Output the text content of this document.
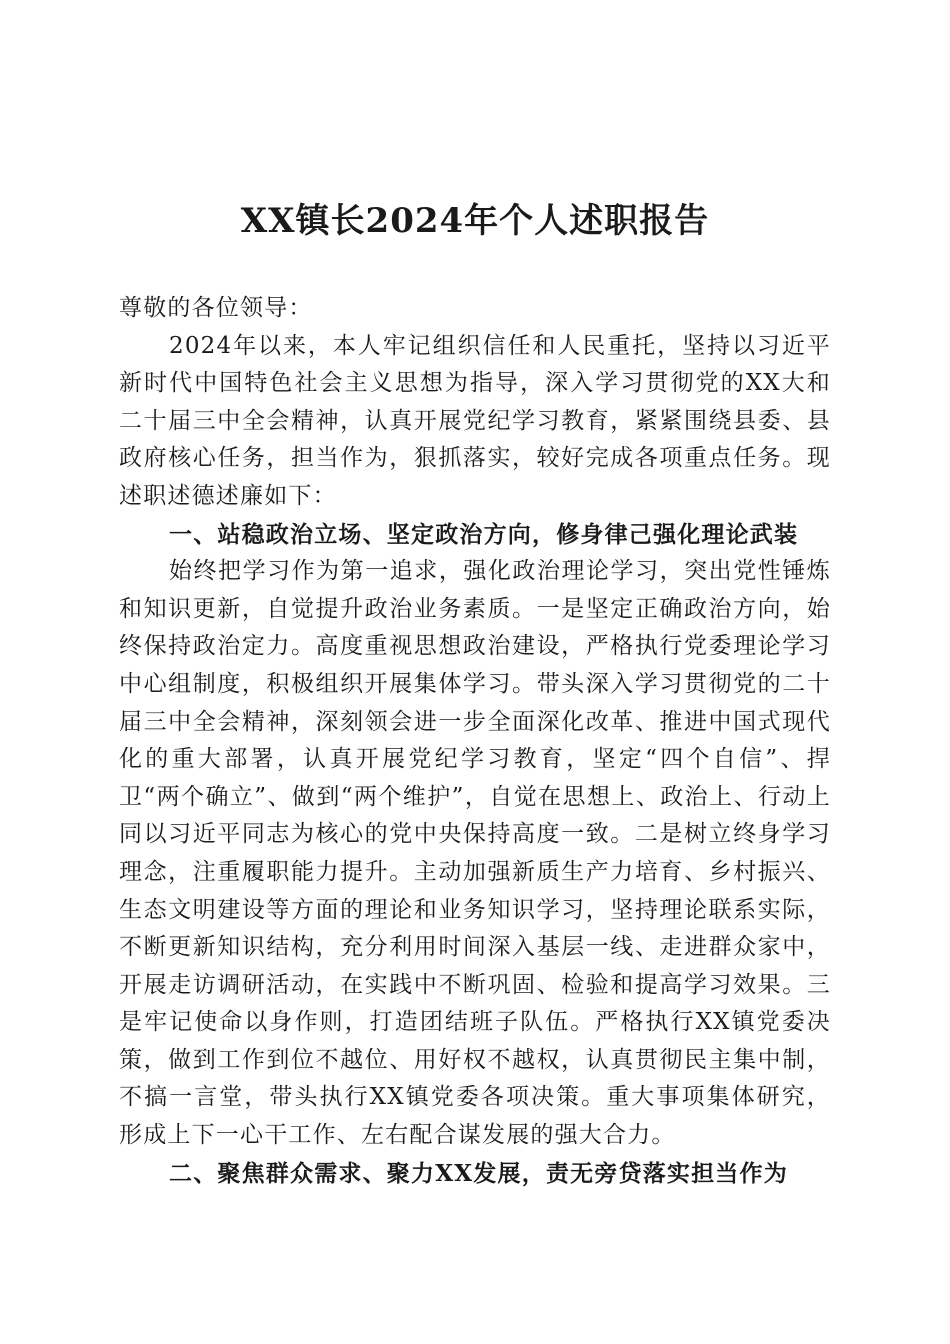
XX镇长2024年个人述职报告

尊敬的各位领导：

2024年以来，本人牢记组织信任和人民重托，坚持以习近平新时代中国特色社会主义思想为指导，深入学习贯彻党的XX大和二十届三中全会精神，认真开展党纪学习教育，紧紧围绕县委、县政府核心任务，担当作为，狠抓落实，较好完成各项重点任务。现述职述德述廉如下：

一、站稳政治立场、坚定政治方向，修身律己强化理论武装

始终把学习作为第一追求，强化政治理论学习，突出党性锤炼和知识更新，自觉提升政治业务素质。一是坚定正确政治方向，始终保持政治定力。高度重视思想政治建设，严格执行党委理论学习中心组制度，积极组织开展集体学习。带头深入学习贯彻党的二十届三中全会精神，深刻领会进一步全面深化改革、推进中国式现代化的重大部署，认真开展党纪学习教育，坚定“四个自信”、捍卫“两个确立”、做到“两个维护”，自觉在思想上、政治上、行动上同以习近平同志为核心的党中央保持高度一致。二是树立终身学习理念，注重履职能力提升。主动加强新质生产力培育、乡村振兴、生态文明建设等方面的理论和业务知识学习，坚持理论联系实际，不断更新知识结构，充分利用时间深入基层一线、走进群众家中，开展走访调研活动，在实践中不断巩固、检验和提高学习效果。三是牢记使命以身作则，打造团结班子队伍。严格执行XX镇党委决策，做到工作到位不越位、用好权不越权，认真贯彻民主集中制，不搞一言堂，带头执行XX镇党委各项决策。重大事项集体研究，形成上下一心干工作、左右配合谋发展的强大合力。

二、聚焦群众需求、聚力XX发展，责无旁贷落实担当作为
